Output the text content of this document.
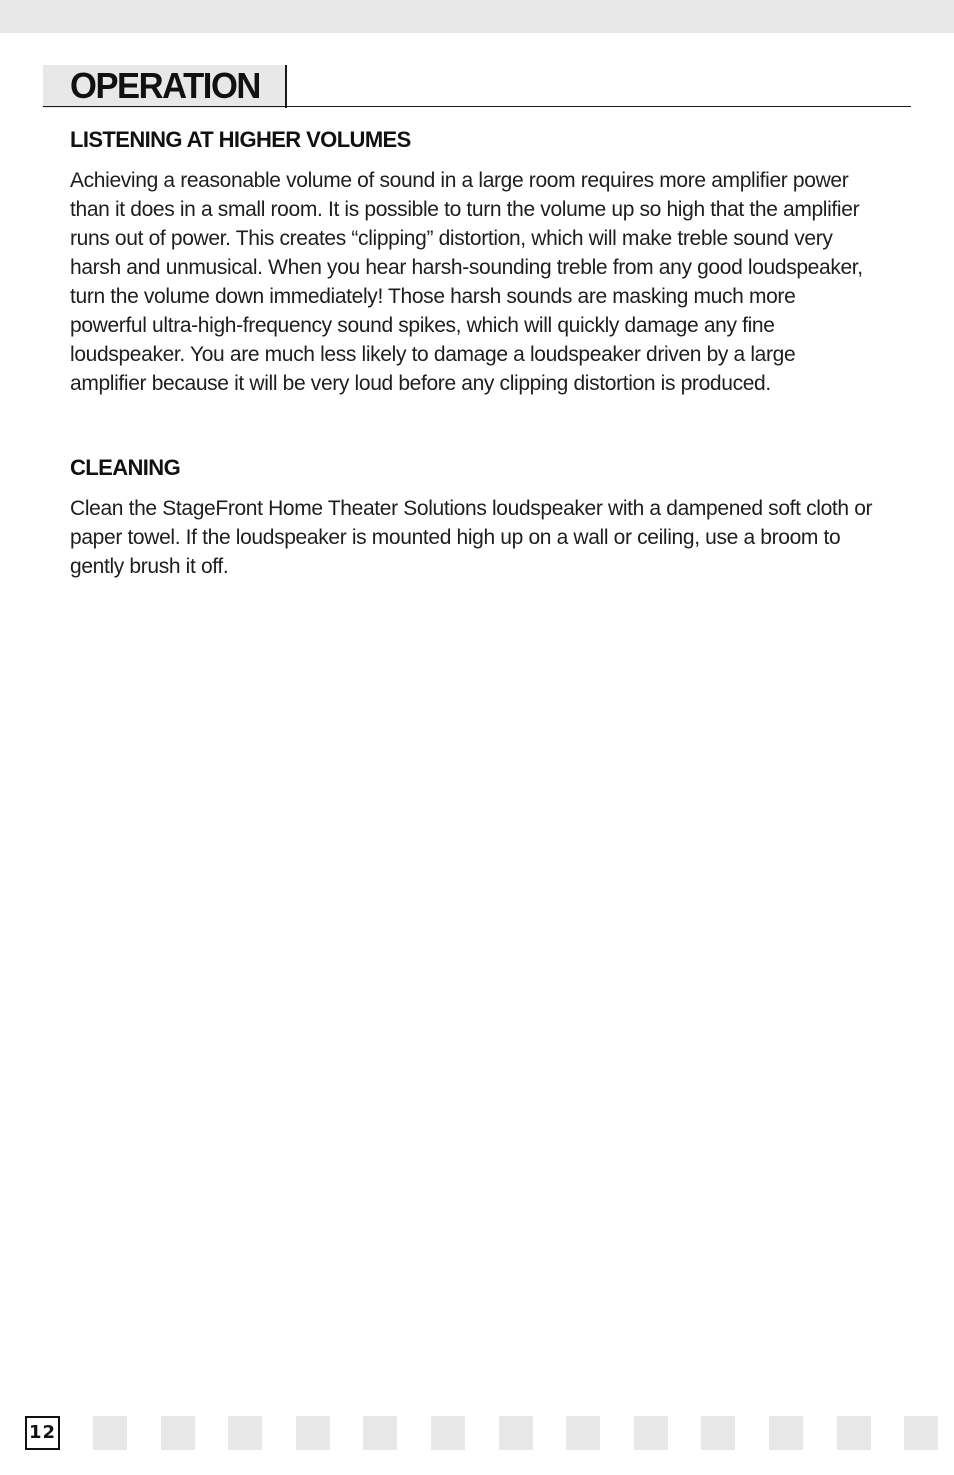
OPERATION
LISTENING AT HIGHER VOLUMES

Achieving a reasonable volume of sound in a large room requires more amplifier power than it does in a small room. It is possible to turn the volume up so high that the amplifier runs out of power. This creates “clipping” distortion, which will make treble sound very harsh and unmusical. When you hear harsh-sounding treble from any good loudspeaker, turn the volume down immediately! Those harsh sounds are masking much more powerful ultra-high-frequency sound spikes, which will quickly damage any fine loudspeaker. You are much less likely to damage a loudspeaker driven by a large amplifier because it will be very loud before any clipping distortion is produced.

CLEANING

Clean the StageFront Home Theater Solutions loudspeaker with a dampened soft cloth or paper towel. If the loudspeaker is mounted high up on a wall or ceiling, use a broom to gently brush it off.

12
